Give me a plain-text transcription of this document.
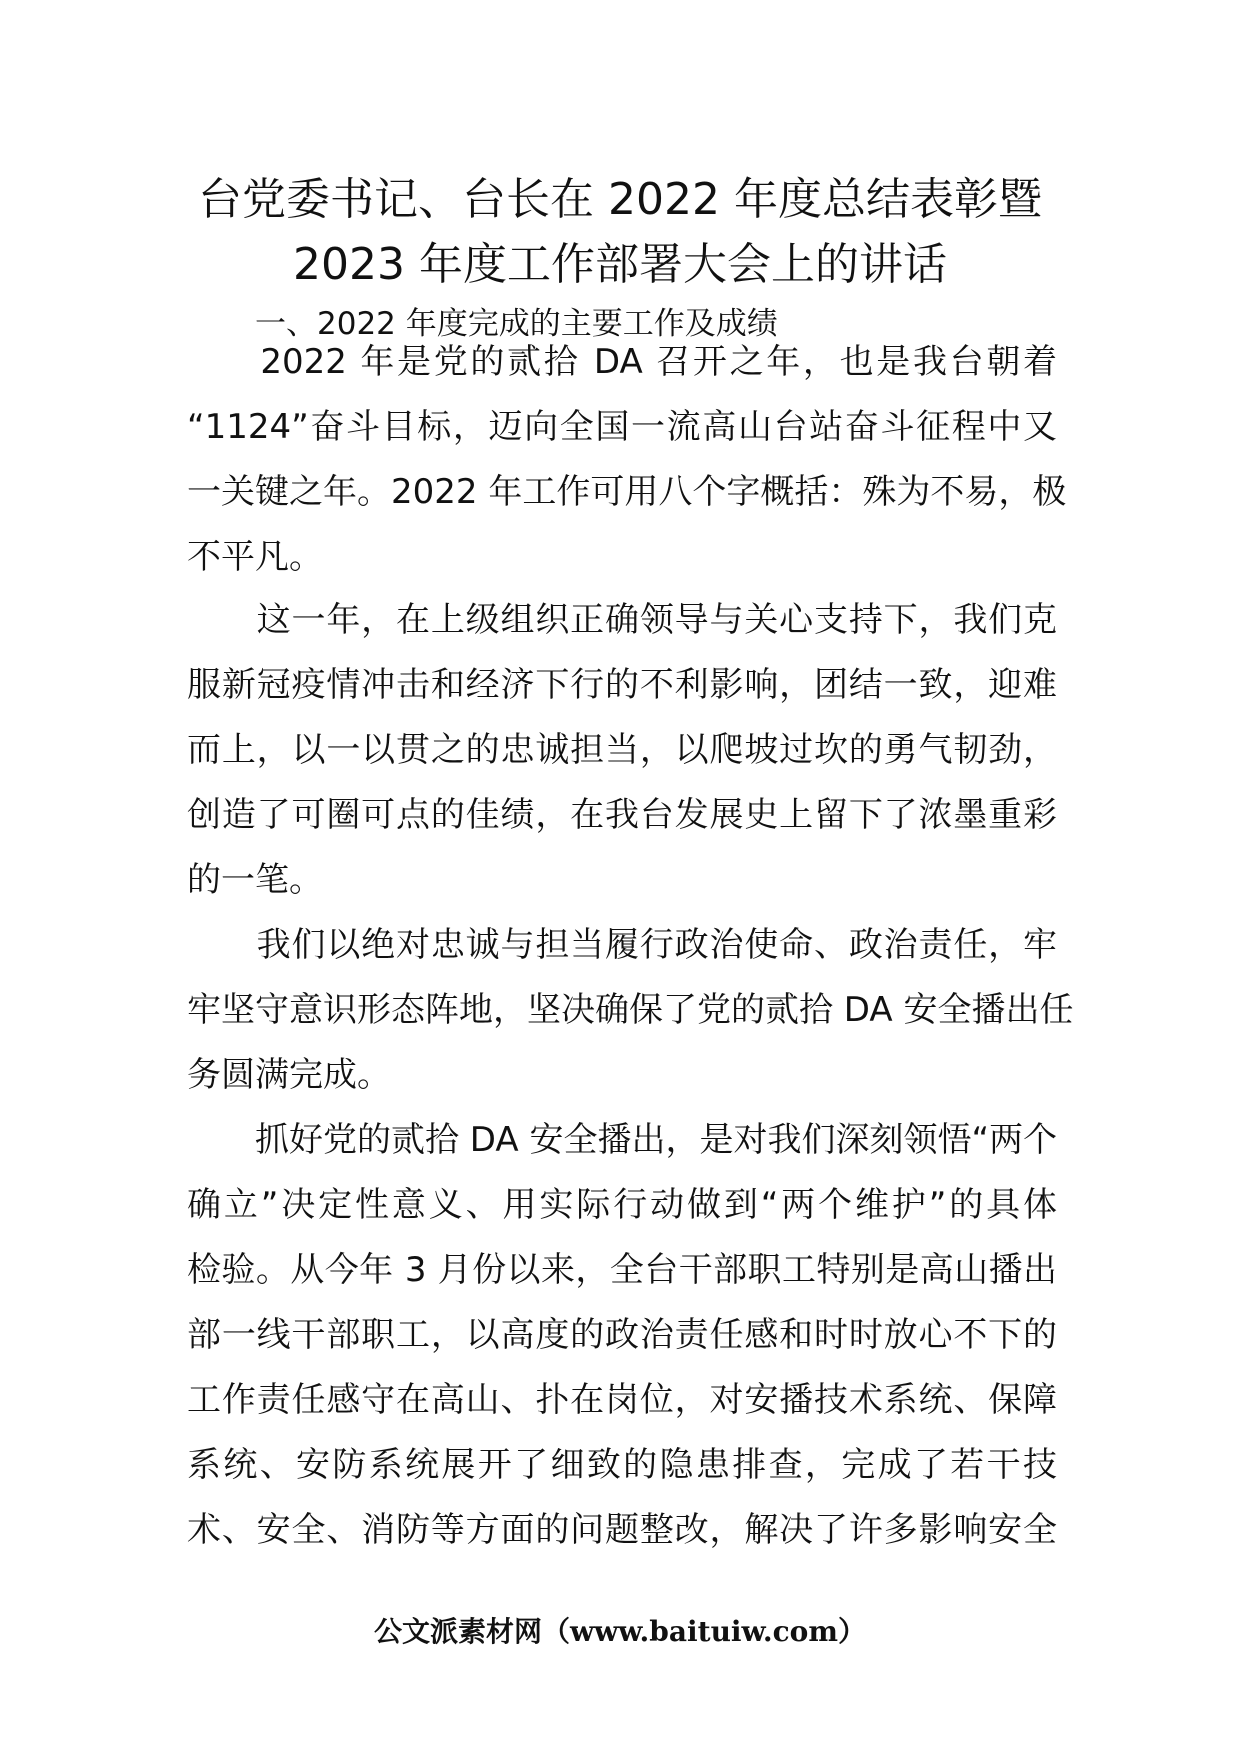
台党委书记、台长在 2022 年度总结表彰暨
2023 年度工作部署大会上的讲话
一、2022 年度完成的主要工作及成绩
　　2022 年是党的贰拾 DA 召开之年，也是我台朝着
“1124”奋斗目标，迈向全国一流高山台站奋斗征程中又
一关键之年。2022 年工作可用八个字概括：殊为不易，极
不平凡。
　　这一年，在上级组织正确领导与关心支持下，我们克
服新冠疫情冲击和经济下行的不利影响，团结一致，迎难
而上，以一以贯之的忠诚担当，以爬坡过坎的勇气韧劲，
创造了可圈可点的佳绩，在我台发展史上留下了浓墨重彩
的一笔。
　　我们以绝对忠诚与担当履行政治使命、政治责任，牢
牢坚守意识形态阵地，坚决确保了党的贰拾 DA 安全播出任
务圆满完成。
　　抓好党的贰拾 DA 安全播出，是对我们深刻领悟“两个
确立”决定性意义、用实际行动做到“两个维护”的具体
检验。从今年 3 月份以来，全台干部职工特别是高山播出
部一线干部职工，以高度的政治责任感和时时放心不下的
工作责任感守在高山、扑在岗位，对安播技术系统、保障
系统、安防系统展开了细致的隐患排查，完成了若干技
术、安全、消防等方面的问题整改，解决了许多影响安全
公文派素材网（www.baituiw.com）
